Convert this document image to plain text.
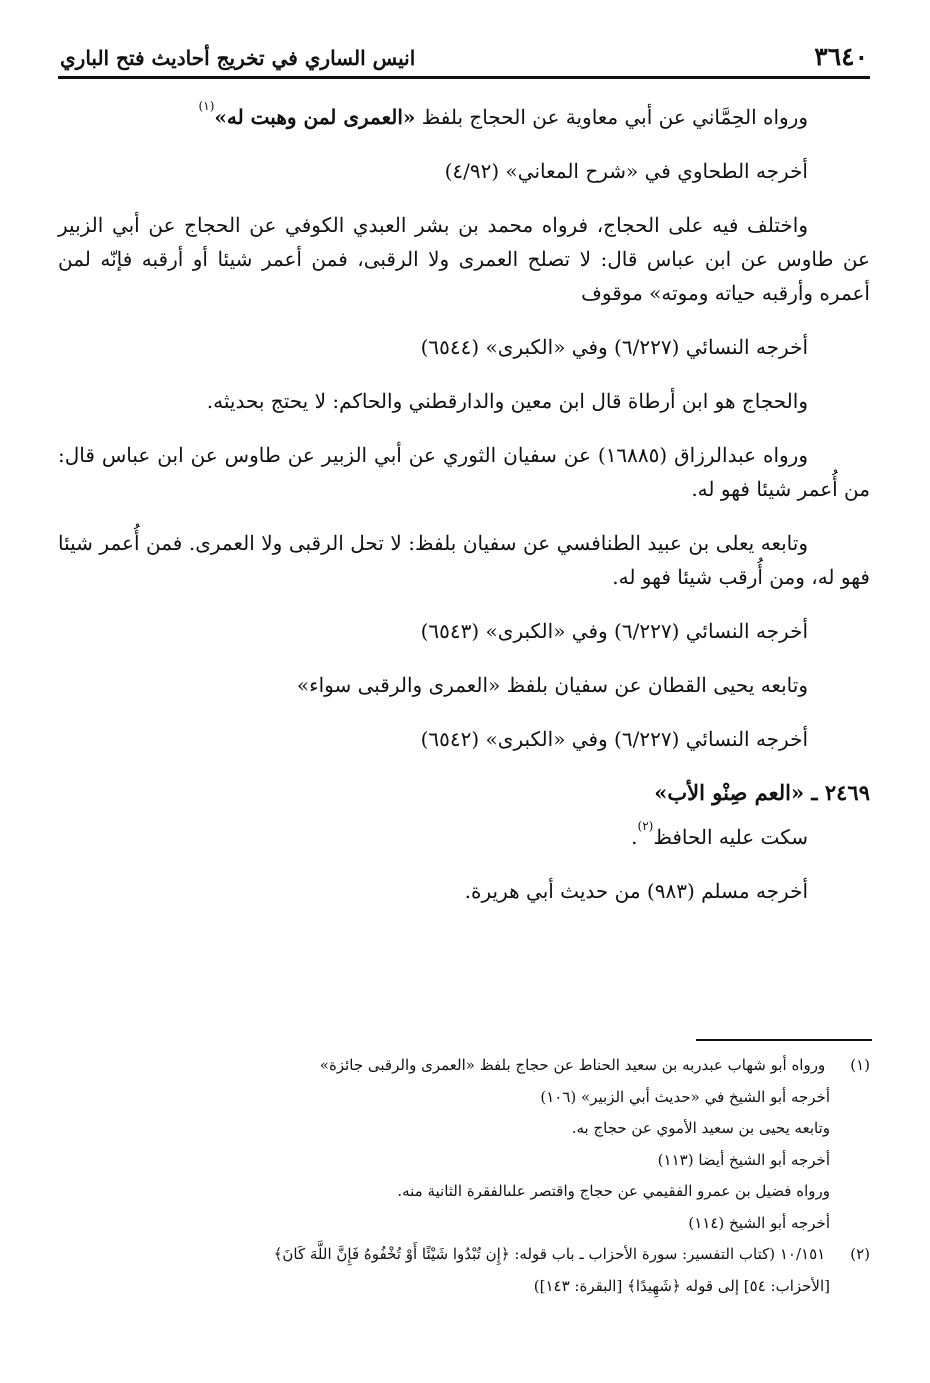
انيس الساري في تخريج أحاديث فتح الباري	٣٦٤٠

ورواه الحِمَّاني عن أبي معاوية عن الحجاج بلفظ «العمرى لمن وهبت له»$^{(١)}$

أخرجه الطحاوي في «شرح المعاني» (٤/٩٢)

واختلف فيه على الحجاج، فرواه محمد بن بشر العبدي الكوفي عن الحجاج عن أبي الزبير عن طاوس عن ابن عباس قال: لا تصلح العمرى ولا الرقبى، فمن أعمر شيئا أو أرقبه فإنّه لمن أعمره وأرقبه حياته وموته» موقوف

أخرجه النسائي (٦/٢٢٧) وفي «الكبرى» (٦٥٤٤)

والحجاج هو ابن أرطاة قال ابن معين والدارقطني والحاكم: لا يحتج بحديثه.

ورواه عبدالرزاق (١٦٨٨٥) عن سفيان الثوري عن أبي الزبير عن طاوس عن ابن عباس قال: من أُعمر شيئا فهو له.

وتابعه يعلى بن عبيد الطنافسي عن سفيان بلفظ: لا تحل الرقبى ولا العمرى. فمن أُعمر شيئا فهو له، ومن أُرقب شيئا فهو له.

أخرجه النسائي (٦/٢٢٧) وفي «الكبرى» (٦٥٤٣)

وتابعه يحيى القطان عن سفيان بلفظ «العمرى والرقبى سواء»

أخرجه النسائي (٦/٢٢٧) وفي «الكبرى» (٦٥٤٢)

٢٤٦٩ ـ «العم صِنْو الأب»

سكت عليه الحافظ$^{(٢)}$.

أخرجه مسلم (٩٨٣) من حديث أبي هريرة.

(١) ورواه أبو شهاب عبدربه بن سعيد الحناط عن حجاج بلفظ «العمرى والرقبى جائزة»
أخرجه أبو الشيخ في «حديث أبي الزبير» (١٠٦)
وتابعه يحيى بن سعيد الأموي عن حجاج به.
أخرجه أبو الشيخ أيضا (١١٣)
ورواه فضيل بن عمرو الفقيمي عن حجاج واقتصر علىالفقرة الثانية منه.
أخرجه أبو الشيخ (١١٤)
(٢) ١٠/١٥١ (كتاب التفسير: سورة الأحزاب ـ باب قوله: ﴿إِن تُبْدُوا شَيْئًا أَوْ تُخْفُوهُ فَإِنَّ اللَّهَ كَانَ﴾
[الأحزاب: ٥٤] إلى قوله ﴿شَهِيدًا﴾ [البقرة: ١٤٣])
